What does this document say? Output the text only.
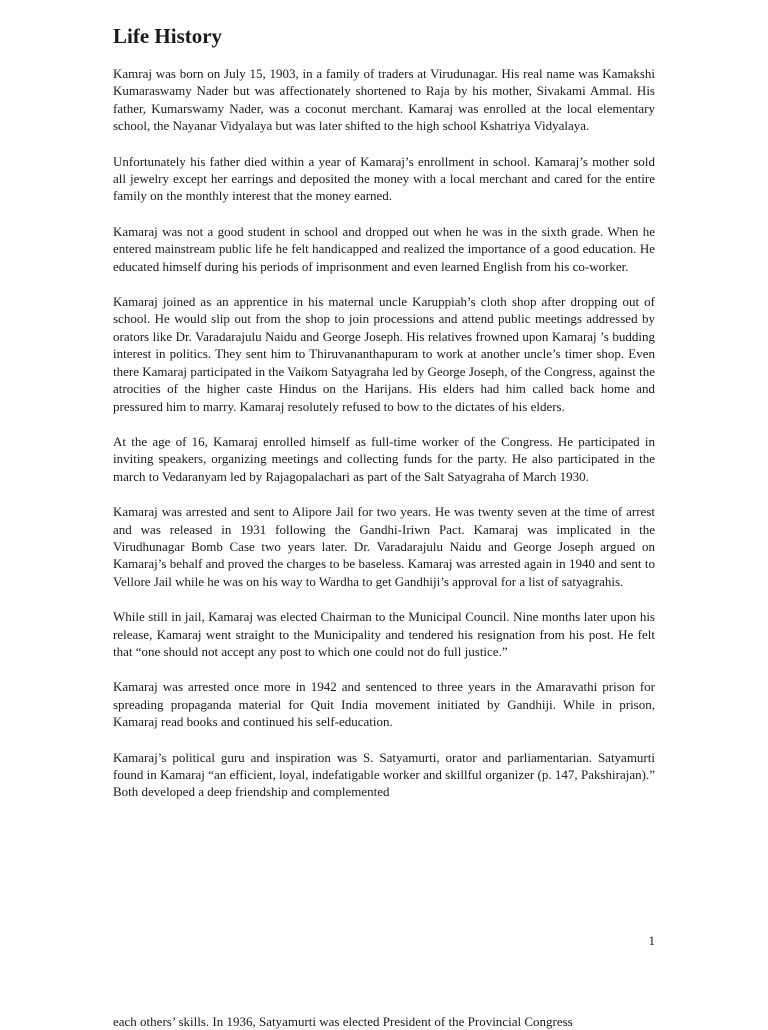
Life History

Kamraj was born on July 15, 1903, in a family of traders at Virudunagar. His real name was Kamakshi Kumaraswamy Nader but was affectionately shortened to Raja by his mother, Sivakami Ammal. His father, Kumarswamy Nader, was a coconut merchant. Kamaraj was enrolled at the local elementary school, the Nayanar Vidyalaya but was later shifted to the high school Kshatriya Vidyalaya.

Unfortunately his father died within a year of Kamaraj’s enrollment in school. Kamaraj’s mother sold all jewelry except her earrings and deposited the money with a local merchant and cared for the entire family on the monthly interest that the money earned.

Kamaraj was not a good student in school and dropped out when he was in the sixth grade. When he entered mainstream public life he felt handicapped and realized the importance of a good education. He educated himself during his periods of imprisonment and even learned English from his co-worker.

Kamaraj joined as an apprentice in his maternal uncle Karuppiah’s cloth shop after dropping out of school. He would slip out from the shop to join processions and attend public meetings addressed by orators like Dr. Varadarajulu Naidu and George Joseph. His relatives frowned upon Kamaraj ’s budding interest in politics. They sent him to Thiruvananthapuram to work at another uncle’s timer shop. Even there Kamaraj participated in the Vaikom Satyagraha led by George Joseph, of the Congress, against the atrocities of the higher caste Hindus on the Harijans. His elders had him called back home and pressured him to marry. Kamaraj resolutely refused to bow to the dictates of his elders.

At the age of 16, Kamaraj enrolled himself as full-time worker of the Congress. He participated in inviting speakers, organizing meetings and collecting funds for the party. He also participated in the march to Vedaranyam led by Rajagopalachari as part of the Salt Satyagraha of March 1930.

Kamaraj was arrested and sent to Alipore Jail for two years. He was twenty seven at the time of arrest and was released in 1931 following the Gandhi-Iriwn Pact. Kamaraj was implicated in the Virudhunagar Bomb Case two years later. Dr. Varadarajulu Naidu and George Joseph argued on Kamaraj’s behalf and proved the charges to be baseless. Kamaraj was arrested again in 1940 and sent to Vellore Jail while he was on his way to Wardha to get Gandhiji’s approval for a list of satyagrahis.

While still in jail, Kamaraj was elected Chairman to the Municipal Council. Nine months later upon his release, Kamaraj went straight to the Municipality and tendered his resignation from his post. He felt that “one should not accept any post to which one could not do full justice.”

Kamaraj was arrested once more in 1942 and sentenced to three years in the Amaravathi prison for spreading propaganda material for Quit India movement initiated by Gandhiji. While in prison, Kamaraj read books and continued his self-education.

Kamaraj’s political guru and inspiration was S. Satyamurti, orator and parliamentarian. Satyamurti found in Kamaraj “an efficient, loyal, indefatigable worker and skillful organizer (p. 147, Pakshirajan).” Both developed a deep friendship and complemented

1

each others’ skills. In 1936, Satyamurti was elected President of the Provincial Congress
